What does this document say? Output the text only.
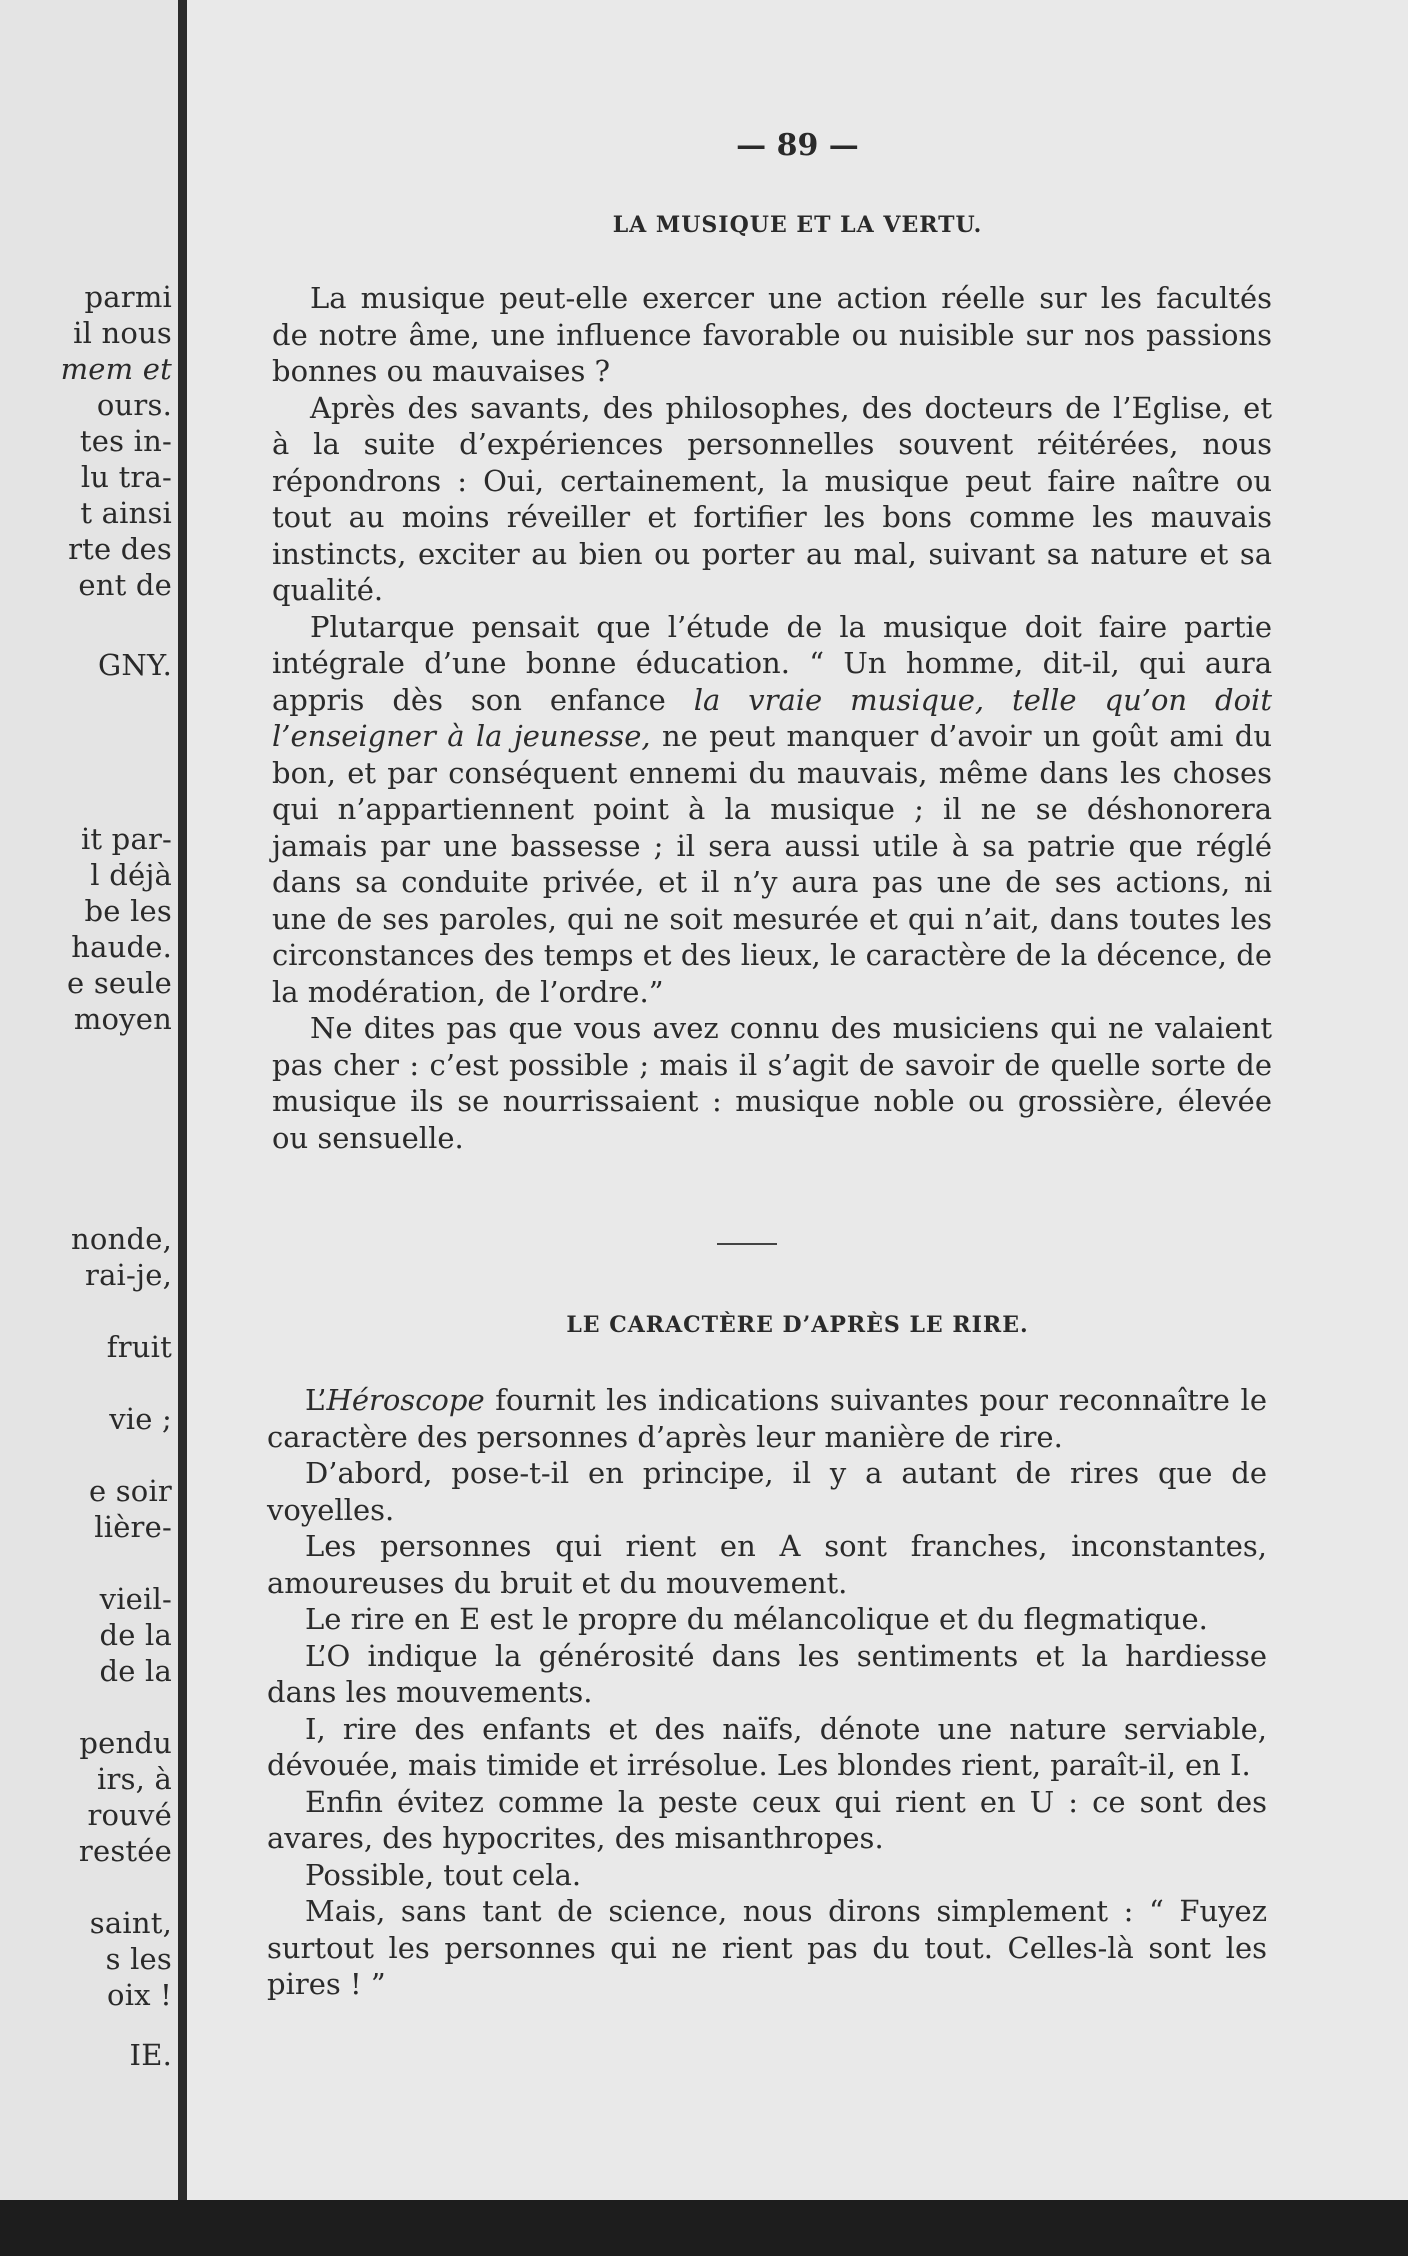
parmi
il nous
mem et
ours.
tes in-
lu tra-
t ainsi
rte des
ent de
GNY.
it par-
l déjà
be les
haude.
e seule
moyen
nonde,
rai-je,
fruit
vie ;
e soir
lière-
vieil-
de la
de la
pendu
irs, à
rouvé
restée
saint,
s les
oix !
IE.
— 89 —
LA MUSIQUE ET LA VERTU.

La musique peut-elle exercer une action réelle sur les facultés de notre âme, une influence favorable ou nuisible sur nos passions bonnes ou mauvaises ?

Après des savants, des philosophes, des docteurs de l’Eglise, et à la suite d’expériences personnelles souvent réitérées, nous répondrons : Oui, certainement, la musique peut faire naître ou tout au moins réveiller et fortifier les bons comme les mauvais instincts, exciter au bien ou porter au mal, suivant sa nature et sa qualité.

Plutarque pensait que l’étude de la musique doit faire partie intégrale d’une bonne éducation. “ Un homme, dit-il, qui aura appris dès son enfance la vraie musique, telle qu’on doit l’enseigner à la jeunesse, ne peut manquer d’avoir un goût ami du bon, et par conséquent ennemi du mauvais, même dans les choses qui n’appartiennent point à la musique ; il ne se déshonorera jamais par une bassesse ; il sera aussi utile à sa patrie que réglé dans sa conduite privée, et il n’y aura pas une de ses actions, ni une de ses paroles, qui ne soit mesurée et qui n’ait, dans toutes les circonstances des temps et des lieux, le caractère de la décence, de la modération, de l’ordre.”

Ne dites pas que vous avez connu des musiciens qui ne valaient pas cher : c’est possible ; mais il s’agit de savoir de quelle sorte de musique ils se nourrissaient : musique noble ou grossière, élevée ou sensuelle.

LE CARACTÈRE D’APRÈS LE RIRE.

L’Héroscope fournit les indications suivantes pour reconnaître le caractère des personnes d’après leur manière de rire.

D’abord, pose-t-il en principe, il y a autant de rires que de voyelles.

Les personnes qui rient en A sont franches, inconstantes, amoureuses du bruit et du mouvement.

Le rire en E est le propre du mélancolique et du flegmatique.

L’O indique la générosité dans les sentiments et la hardiesse dans les mouvements.

I, rire des enfants et des naïfs, dénote une nature serviable, dévouée, mais timide et irrésolue. Les blondes rient, paraît-il, en I.

Enfin évitez comme la peste ceux qui rient en U : ce sont des avares, des hypocrites, des misanthropes.

Possible, tout cela.

Mais, sans tant de science, nous dirons simplement : “ Fuyez surtout les personnes qui ne rient pas du tout. Celles-là sont les pires ! ”
